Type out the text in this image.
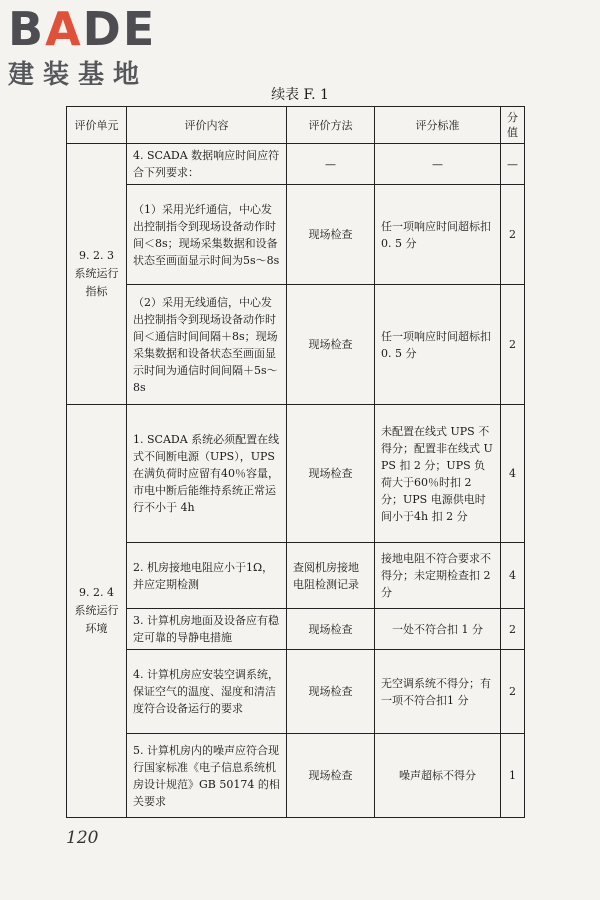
BADE
建装基地
续表 F. 1
评价单元	评价内容	评价方法	评分标准	分值
9. 2. 3 系统运行指标	4. SCADA 数据响应时间应符合下列要求：	—	—	—
	（1）采用光纤通信，中心发出控制指令到现场设备动作时间＜8s；现场采集数据和设备状态至画面显示时间为5s～8s	现场检查	任一项响应时间超标扣 0. 5 分	2
	（2）采用无线通信，中心发出控制指令到现场设备动作时间＜通信时间间隔＋8s；现场采集数据和设备状态至画面显示时间为通信时间间隔＋5s～8s	现场检查	任一项响应时间超标扣 0. 5 分	2
9. 2. 4 系统运行环境	1. SCADA 系统必须配置在线式不间断电源（UPS），UPS 在满负荷时应留有40％容量，市电中断后能维持系统正常运行不小于 4h	现场检查	未配置在线式 UPS 不得分；配置非在线式 UPS 扣 2 分；UPS 负荷大于60％时扣 2 分；UPS 电源供电时间小于4h 扣 2 分	4
	2. 机房接地电阻应小于1Ω，并应定期检测	查阅机房接地电阻检测记录	接地电阻不符合要求不得分；未定期检查扣 2 分	4
	3. 计算机房地面及设备应有稳定可靠的导静电措施	现场检查	一处不符合扣 1 分	2
	4. 计算机房应安装空调系统，保证空气的温度、湿度和清洁度符合设备运行的要求	现场检查	无空调系统不得分；有一项不符合扣1 分	2
	5. 计算机房内的噪声应符合现行国家标准《电子信息系统机房设计规范》GB 50174 的相关要求	现场检查	噪声超标不得分	1
120
